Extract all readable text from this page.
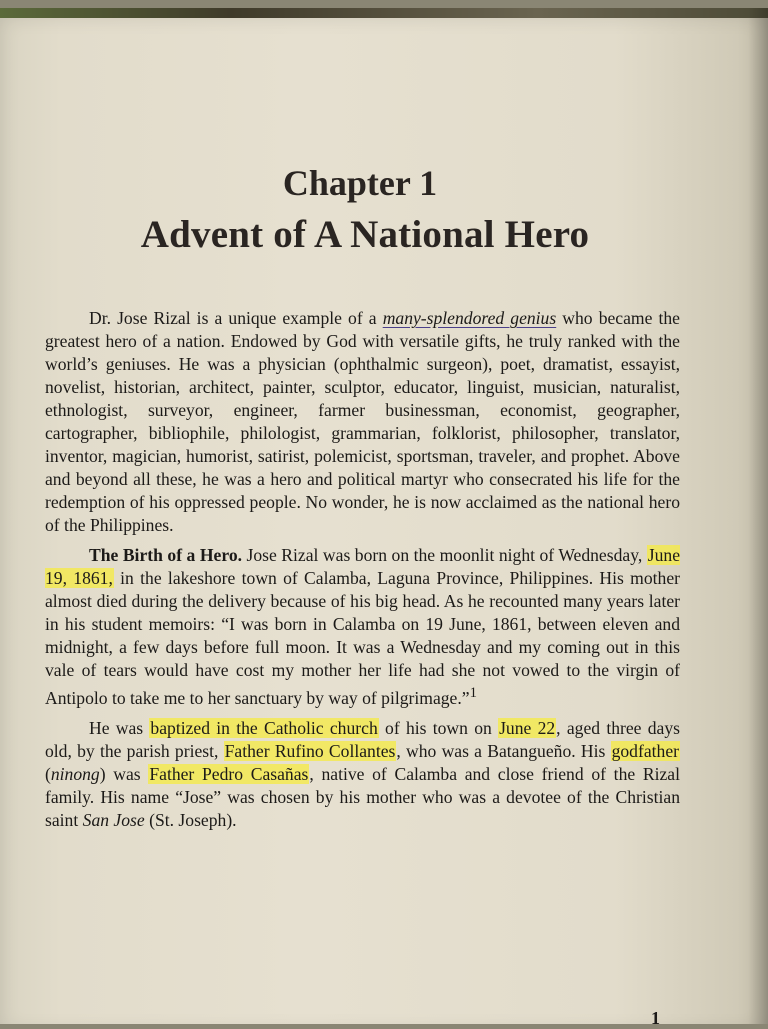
Chapter 1
Advent of A National Hero

Dr. Jose Rizal is a unique example of a many-splendored genius who became the greatest hero of a nation. Endowed by God with versatile gifts, he truly ranked with the world’s geniuses. He was a physician (ophthalmic surgeon), poet, dramatist, essayist, novelist, historian, architect, painter, sculptor, educator, linguist, musician, naturalist, ethnologist, surveyor, engineer, farmer businessman, economist, geographer, cartographer, bibliophile, philologist, grammarian, folklorist, philosopher, translator, inventor, magician, humorist, satirist, polemicist, sportsman, traveler, and prophet. Above and beyond all these, he was a hero and political martyr who consecrated his life for the redemption of his oppressed people. No wonder, he is now acclaimed as the national hero of the Philippines.

The Birth of a Hero. Jose Rizal was born on the moonlit night of Wednesday, June 19, 1861, in the lakeshore town of Calamba, Laguna Province, Philippines. His mother almost died during the delivery because of his big head. As he recounted many years later in his student memoirs: “I was born in Calamba on 19 June, 1861, between eleven and midnight, a few days before full moon. It was a Wednesday and my coming out in this vale of tears would have cost my mother her life had she not vowed to the virgin of Antipolo to take me to her sanctuary by way of pilgrimage.”$^1$

He was baptized in the Catholic church of his town on June 22, aged three days old, by the parish priest, Father Rufino Collantes, who was a Batangueño. His godfather (ninong) was Father Pedro Casañas, native of Calamba and close friend of the Rizal family. His name “Jose” was chosen by his mother who was a devotee of the Christian saint San Jose (St. Joseph).

1
